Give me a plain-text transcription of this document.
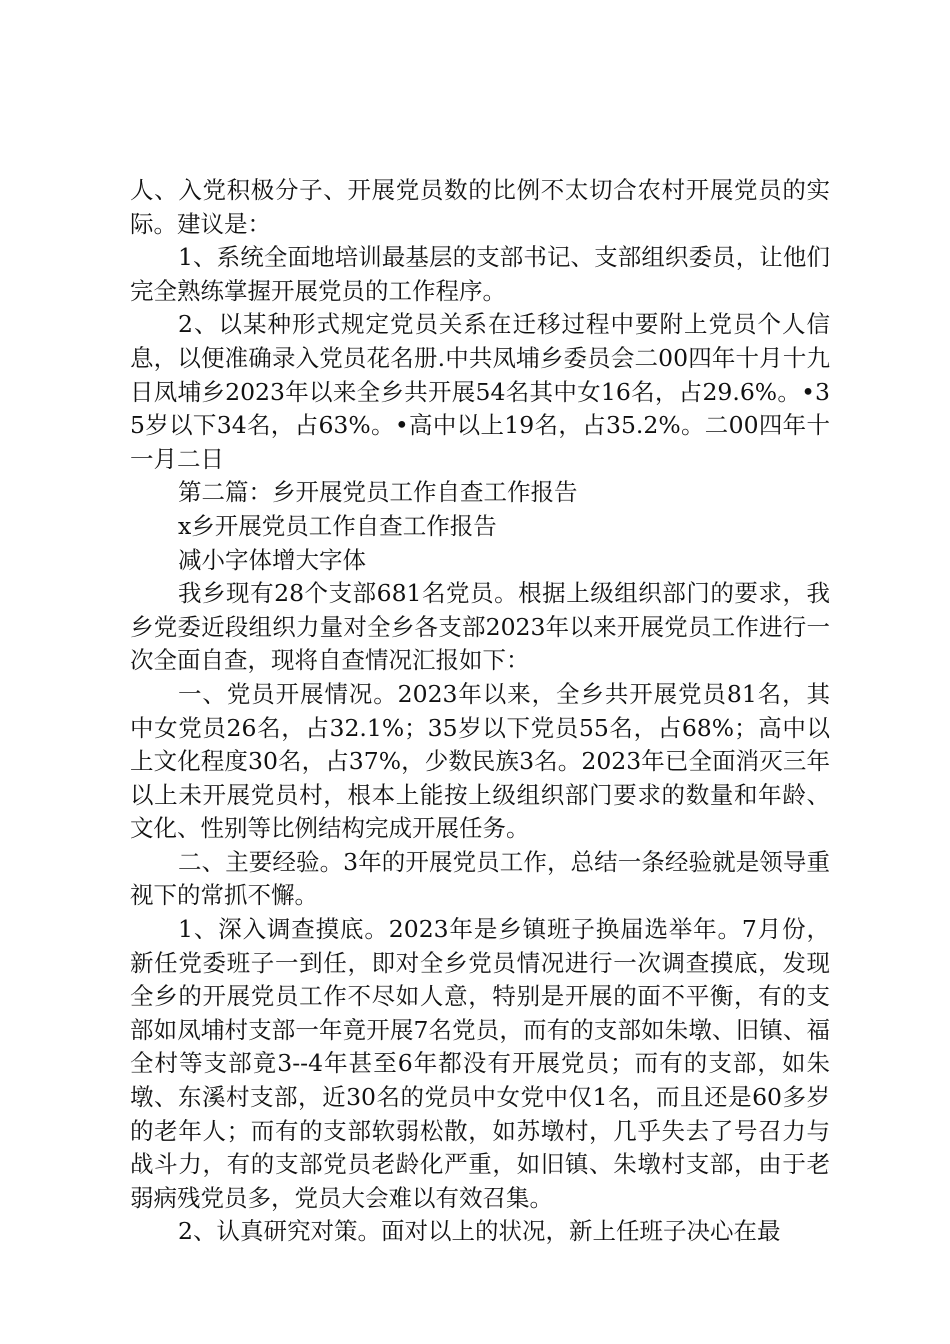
人、入党积极分子、开展党员数的比例不太切合农村开展党员的实际。建议是：

1、系统全面地培训最基层的支部书记、支部组织委员，让他们完全熟练掌握开展党员的工作程序。

2、以某种形式规定党员关系在迁移过程中要附上党员个人信息，以便准确录入党员花名册.中共凤埔乡委员会二00四年十月十九日凤埔乡2023年以来全乡共开展54名其中女16名，占29.6%。•35岁以下34名，占63%。•高中以上19名，占35.2%。二00四年十一月二日

第二篇：乡开展党员工作自查工作报告

x乡开展党员工作自查工作报告

减小字体增大字体

我乡现有28个支部681名党员。根据上级组织部门的要求，我乡党委近段组织力量对全乡各支部2023年以来开展党员工作进行一次全面自查，现将自查情况汇报如下：

一、党员开展情况。2023年以来，全乡共开展党员81名，其中女党员26名，占32.1%；35岁以下党员55名，占68%；高中以上文化程度30名，占37%，少数民族3名。2023年已全面消灭三年以上未开展党员村，根本上能按上级组织部门要求的数量和年龄、文化、性别等比例结构完成开展任务。

二、主要经验。3年的开展党员工作，总结一条经验就是领导重视下的常抓不懈。

1、深入调查摸底。2023年是乡镇班子换届选举年。7月份，新任党委班子一到任，即对全乡党员情况进行一次调查摸底，发现全乡的开展党员工作不尽如人意，特别是开展的面不平衡，有的支部如凤埔村支部一年竟开展7名党员，而有的支部如朱墩、旧镇、福全村等支部竟3--4年甚至6年都没有开展党员；而有的支部，如朱墩、东溪村支部，近30名的党员中女党中仅1名，而且还是60多岁的老年人；而有的支部软弱松散，如苏墩村，几乎失去了号召力与战斗力，有的支部党员老龄化严重，如旧镇、朱墩村支部，由于老弱病残党员多，党员大会难以有效召集。

2、认真研究对策。面对以上的状况，新上任班子决心在最
